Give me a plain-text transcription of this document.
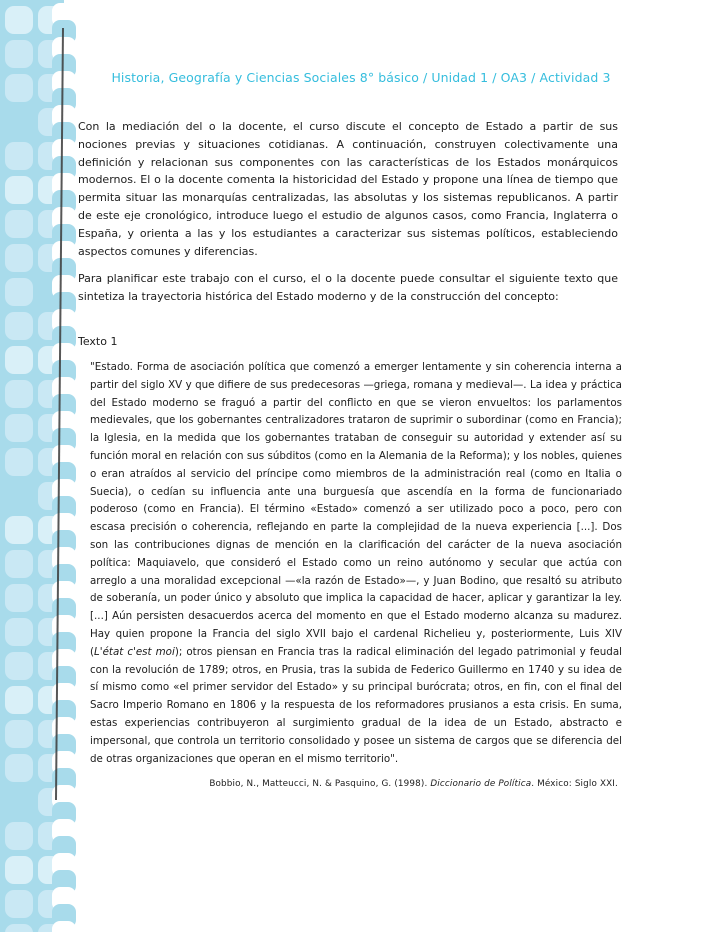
Historia, Geografía y Ciencias Sociales 8° básico / Unidad 1 / OA3 / Actividad 3

Con la mediación del o la docente, el curso discute el concepto de Estado a partir de sus nociones previas y situaciones cotidianas. A continuación, construyen colectivamente una definición y relacionan sus componentes con las características de los Estados monárquicos modernos. El o la docente comenta la historicidad del Estado y propone una línea de tiempo que permita situar las monarquías centralizadas, las absolutas y los sistemas republicanos. A partir de este eje cronológico, introduce luego el estudio de algunos casos, como Francia, Inglaterra o España, y orienta a las y los estudiantes a caracterizar sus sistemas políticos, estableciendo aspectos comunes y diferencias.

Para planificar este trabajo con el curso, el o la docente puede consultar el siguiente texto que sintetiza la trayectoria histórica del Estado moderno y de la construcción del concepto:

Texto 1
"Estado. Forma de asociación política que comenzó a emerger lentamente y sin coherencia interna a partir del siglo XV y que difiere de sus predecesoras —griega, romana y medieval—. La idea y práctica del Estado moderno se fraguó a partir del conflicto en que se vieron envueltos: los parlamentos medievales, que los gobernantes centralizadores trataron de suprimir o subordinar (como en Francia); la Iglesia, en la medida que los gobernantes trataban de conseguir su autoridad y extender así su función moral en relación con sus súbditos (como en la Alemania de la Reforma); y los nobles, quienes o eran atraídos al servicio del príncipe como miembros de la administración real (como en Italia o Suecia), o cedían su influencia ante una burguesía que ascendía en la forma de funcionariado poderoso (como en Francia). El término «Estado» comenzó a ser utilizado poco a poco, pero con escasa precisión o coherencia, reflejando en parte la complejidad de la nueva experiencia [...]. Dos son las contribuciones dignas de mención en la clarificación del carácter de la nueva asociación política: Maquiavelo, que consideró el Estado como un reino autónomo y secular que actúa con arreglo a una moralidad excepcional —«la razón de Estado»—, y Juan Bodino, que resaltó su atributo de soberanía, un poder único y absoluto que implica la capacidad de hacer, aplicar y garantizar la ley. [...] Aún persisten desacuerdos acerca del momento en que el Estado moderno alcanza su madurez. Hay quien propone la Francia del siglo XVII bajo el cardenal Richelieu y, posteriormente, Luis XIV (L'état c'est moi); otros piensan en Francia tras la radical eliminación del legado patrimonial y feudal con la revolución de 1789; otros, en Prusia, tras la subida de Federico Guillermo en 1740 y su idea de sí mismo como «el primer servidor del Estado» y su principal burócrata; otros, en fin, con el final del Sacro Imperio Romano en 1806 y la respuesta de los reformadores prusianos a esta crisis. En suma, estas experiencias contribuyeron al surgimiento gradual de la idea de un Estado, abstracto e impersonal, que controla un territorio consolidado y posee un sistema de cargos que se diferencia del de otras organizaciones que operan en el mismo territorio".
Bobbio, N., Matteucci, N. & Pasquino, G. (1998). Diccionario de Política. México: Siglo XXI.
